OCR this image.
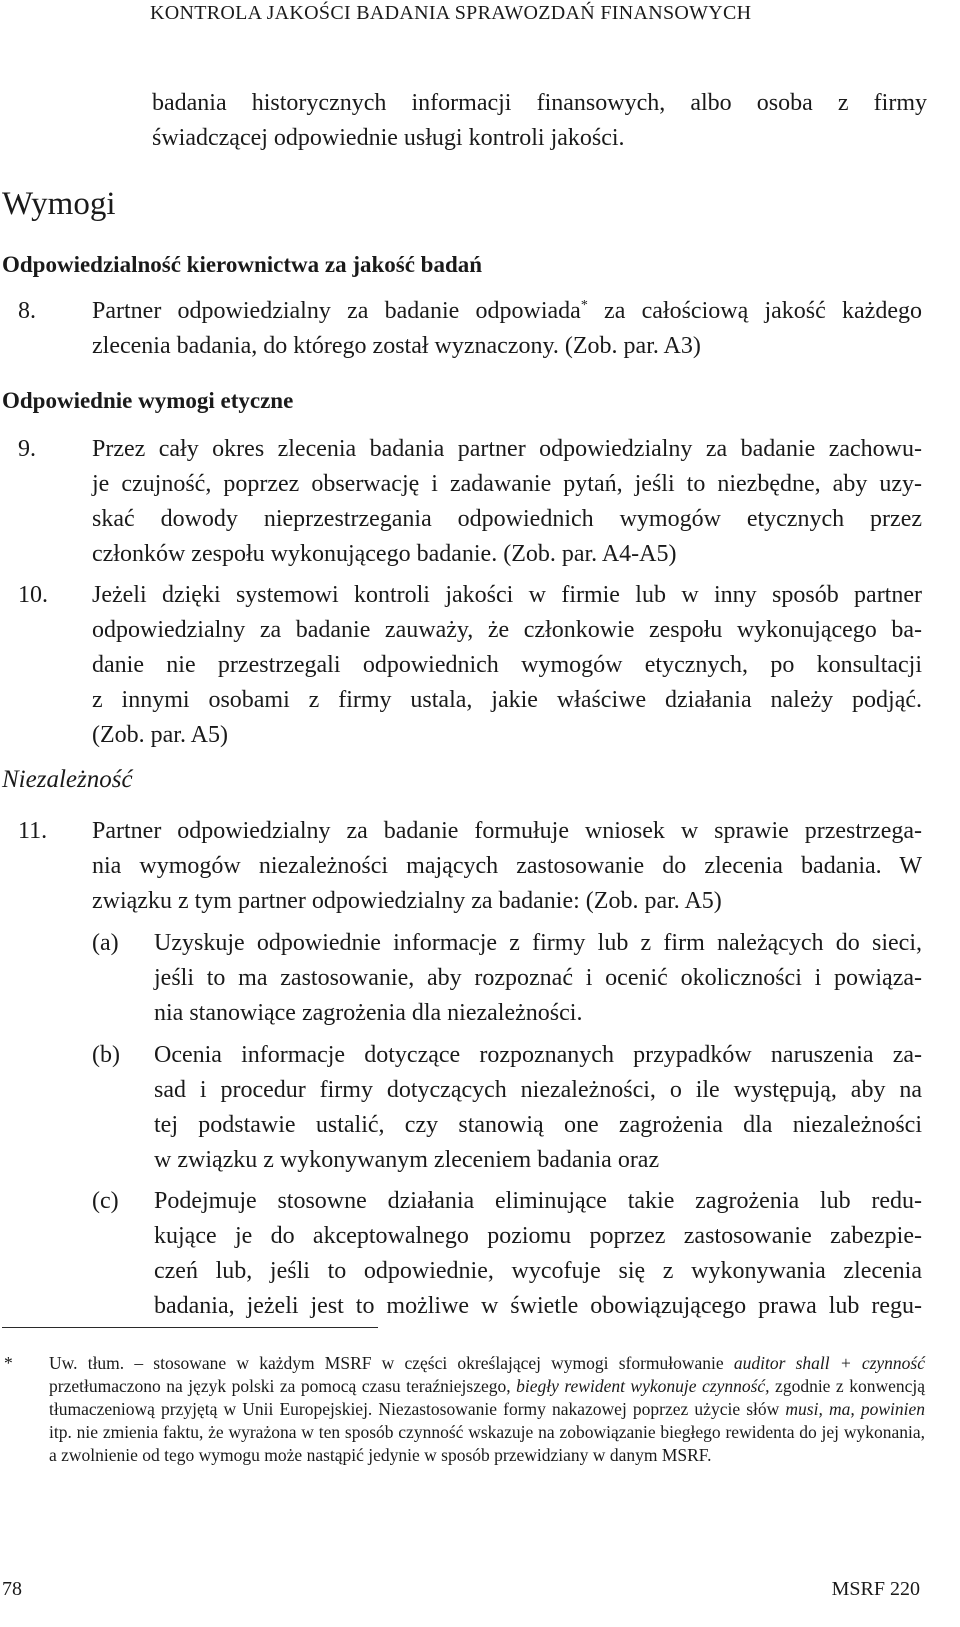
KONTROLA JAKOŚCI BADANIA SPRAWOZDAŃ FINANSOWYCH

badania historycznych informacji finansowych, albo osoba z firmy

świadczącej odpowiednie usługi kontroli jakości.

Wymogi
Odpowiedzialność kierownictwa za jakość badań
8. Partner odpowiedzialny za badanie odpowiada* za całościową jakość każdego

zlecenia badania, do którego został wyznaczony. (Zob. par. A3)

Odpowiednie wymogi etyczne
9. Przez cały okres zlecenia badania partner odpowiedzialny za badanie zachowu-

je czujność, poprzez obserwację i zadawanie pytań, jeśli to niezbędne, aby uzy-

skać dowody nieprzestrzegania odpowiednich wymogów etycznych przez

członków zespołu wykonującego badanie. (Zob. par. A4-A5)

10. Jeżeli dzięki systemowi kontroli jakości w firmie lub w inny sposób partner

odpowiedzialny za badanie zauważy, że członkowie zespołu wykonującego ba-

danie nie przestrzegali odpowiednich wymogów etycznych, po konsultacji

z innymi osobami z firmy ustala, jakie właściwe działania należy podjąć.

(Zob. par. A5)

Niezależność
11. Partner odpowiedzialny za badanie formułuje wniosek w sprawie przestrzega-

nia wymogów niezależności mających zastosowanie do zlecenia badania. W

związku z tym partner odpowiedzialny za badanie: (Zob. par. A5)

(a) Uzyskuje odpowiednie informacje z firmy lub z firm należących do sieci,

jeśli to ma zastosowanie, aby rozpoznać i ocenić okoliczności i powiąza-

nia stanowiące zagrożenia dla niezależności.

(b) Ocenia informacje dotyczące rozpoznanych przypadków naruszenia za-

sad i procedur firmy dotyczących niezależności, o ile występują, aby na

tej podstawie ustalić, czy stanowią one zagrożenia dla niezależności

w związku z wykonywanym zleceniem badania oraz

(c) Podejmuje stosowne działania eliminujące takie zagrożenia lub redu-

kujące je do akceptowalnego poziomu poprzez zastosowanie zabezpie-

czeń lub, jeśli to odpowiednie, wycofuje się z wykonywania zlecenia

badania, jeżeli jest to możliwe w świetle obowiązującego prawa lub regu-

* Uw. tłum. – stosowane w każdym MSRF w części określającej wymogi sformułowanie auditor shall + czynność przetłumaczono na język polski za pomocą czasu teraźniejszego, biegły rewident wykonuje czynność, zgodnie z konwencją tłumaczeniową przyjętą w Unii Europejskiej. Niezastosowanie formy nakazowej poprzez użycie słów musi, ma, powinien itp. nie zmienia faktu, że wyrażona w ten sposób czynność wskazuje na zobowiązanie biegłego rewidenta do jej wykonania, a zwolnienie od tego wymogu może nastąpić jedynie w sposób przewidziany w danym MSRF.
78	MSRF 220
